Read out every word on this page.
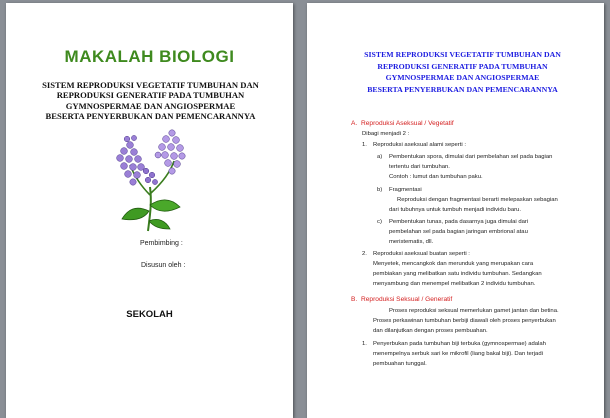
MAKALAH BIOLOGI
SISTEM REPRODUKSI VEGETATIF TUMBUHAN DAN
REPRODUKSI GENERATIF PADA TUMBUHAN
GYMNOSPERMAE DAN ANGIOSPERMAE
BESERTA PENYERBUKAN DAN PEMENCARANNYA
Pembimbing :
Disusun oleh :
SEKOLAH
SISTEM REPRODUKSI VEGETATIF TUMBUHAN DAN
REPRODUKSI GENERATIF PADA TUMBUHAN
GYMNOSPERMAE DAN ANGIOSPERMAE
BESERTA PENYERBUKAN DAN PEMENCARANNYA
A. Reproduksi Aseksual / Vegetatif
Dibagi menjadi 2 :
1. Reproduksi aseksual alami seperti :
a) Pembentukan spora, dimulai dari pembelahan sel pada bagian
tertentu dari tumbuhan.
Contoh : lumut dan tumbuhan paku.
b) Fragmentasi
Reproduksi dengan fragmentasi berarti melepaskan sebagian
dari tubuhnya untuk tumbuh menjadi individu baru.
c) Pembentukan tunas, pada dasarnya juga dimulai dari
pembelahan sel pada bagian jaringan embrional atau
meristematis, dll.
2. Reproduksi aseksual buatan seperti :
Menyetek, mencangkok dan merunduk yang merupakan cara
pembiakan yang melibatkan satu individu tumbuhan. Sedangkan
menyambung dan menempel melibatkan 2 individu tumbuhan.
B. Reproduksi Seksual / Generatif
Proses reproduksi seksual memerlukan gamet jantan dan betina.
Proses perkawinan tumbuhan berbiji diawali oleh proses penyerbukan
dan dilanjutkan dengan proses pembuahan.
1. Penyerbukan pada tumbuhan biji terbuka (gymnospermae) adalah
menempelnya serbuk sari ke mikrofil (liang bakal biji). Dan terjadi
pembuahan tunggal.
